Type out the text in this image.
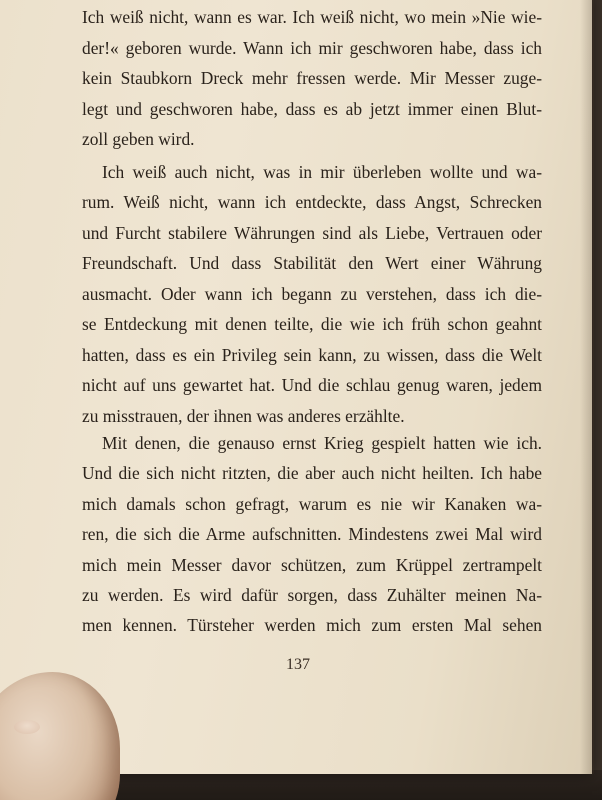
Ich weiß nicht, wann es war. Ich weiß nicht, wo mein »Nie wie-
der!« geboren wurde. Wann ich mir geschworen habe, dass ich
kein Staubkorn Dreck mehr fressen werde. Mir Messer zuge-
legt und geschworen habe, dass es ab jetzt immer einen Blut-
zoll geben wird.
Ich weiß auch nicht, was in mir überleben wollte und wa-
rum. Weiß nicht, wann ich entdeckte, dass Angst, Schrecken
und Furcht stabilere Währungen sind als Liebe, Vertrauen oder
Freundschaft. Und dass Stabilität den Wert einer Währung
ausmacht. Oder wann ich begann zu verstehen, dass ich die-
se Entdeckung mit denen teilte, die wie ich früh schon geahnt
hatten, dass es ein Privileg sein kann, zu wissen, dass die Welt
nicht auf uns gewartet hat. Und die schlau genug waren, jedem
zu misstrauen, der ihnen was anderes erzählte.
Mit denen, die genauso ernst Krieg gespielt hatten wie ich.
Und die sich nicht ritzten, die aber auch nicht heilten. Ich habe
mich damals schon gefragt, warum es nie wir Kanaken wa-
ren, die sich die Arme aufschnitten. Mindestens zwei Mal wird
mich mein Messer davor schützen, zum Krüppel zertrampelt
zu werden. Es wird dafür sorgen, dass Zuhälter meinen Na-
men kennen. Türsteher werden mich zum ersten Mal sehen
137
